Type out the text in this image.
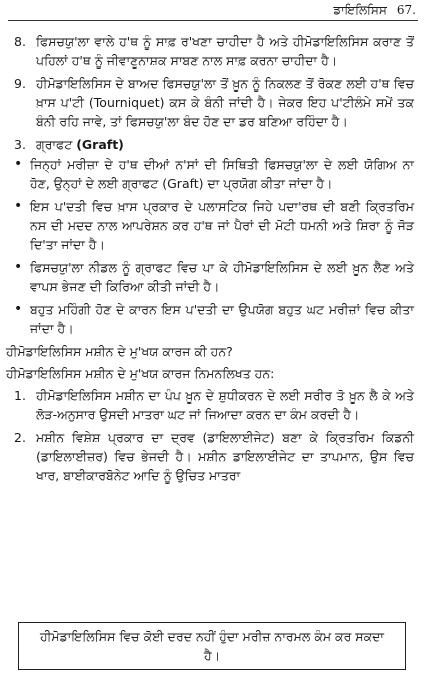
ਡਾਇਲਿਸਿਸ 67.
8. ਫਿਸਚਯੁ'ਲਾ ਵਾਲੇ ਹ'ਥ ਨੂੰ ਸਾਫ਼ ਰ'ਖਣਾ ਚਾਹੀਦਾ ਹੈ ਅਤੇ ਹੀਮੋਡਾਇਲਿਸਿਸ ਕਰਾਣ ਤੋਂ ਪਹਿਲਾਂ ਹ'ਥ ਨੂੰ ਜੀਵਾਣੂਨਾਸ਼ਕ ਸਾਬਣ ਨਾਲ ਸਾਫ਼ ਕਰਨਾ ਚਾਹੀਦਾ ਹੈ।
9. ਹੀਮੋਡਾਇਲਿਸਿਸ ਦੇ ਬਾਅਦ ਫਿਸਚਯੁ'ਲਾ ਤੋਂ ਖ਼ੂਨ ਨੂੰ ਨਿਕਲਣ ਤੋਂ ਰੋਕਣ ਲਈ ਹ'ਥ ਵਿਚ ਖ਼ਾਸ ਪ'ਟੀ (Tourniquet) ਕਸ ਕੇ ਬੰਨੀ ਜਾਂਦੀ ਹੈ। ਜੇਕਰ ਇਹ ਪ'ਟੀਲੰਮੇ ਸਮੇਂ ਤਕ ਬੰਨੀ ਰਹਿ ਜਾਵੇ, ਤਾਂ ਫਿਸਚਯੁ'ਲਾ ਬੰਦ ਹੋਣ ਦਾ ਡਰ ਬਣਿਆ ਰਹਿੰਦਾ ਹੈ।
3. ਗ੍ਰਾਫਟ (Graft)
• ਜਿਨ੍ਹਾਂ ਮਰੀਜ਼ਾ ਦੇ ਹ'ਥ ਦੀਆਂ ਨ'ਸਾਂ ਦੀ ਸਿਥਿਤੀ ਫਿਸਚਯੁ'ਲਾ ਦੇ ਲਈ ਯੋਗਿਅ ਨਾ ਹੋਣ, ਉਨ੍ਹਾਂ ਦੇ ਲਈ ਗ੍ਰਾਫਟ (Graft) ਦਾ ਪ੍ਰਯੋਗ ਕੀਤਾ ਜਾਂਦਾ ਹੈ।
• ਇਸ ਪ'ਦਤੀ ਵਿਚ ਖ਼ਾਸ ਪ੍ਰਕਾਰ ਦੇ ਪਲਾਸਟਿਕ ਜਿਹੇ ਪਦਾ'ਰਥ ਦੀ ਬਣੀ ਕ੍ਰਿਤਰਿਮ ਨਸ ਦੀ ਮਦਦ ਨਾਲ ਆਪਰੇਸ਼ਨ ਕਰ ਹ'ਥ ਜਾਂ ਪੈਰਾਂ ਦੀ ਮੋਟੀ ਧਮਨੀ ਅਤੇ ਸ਼ਿਰਾ ਨੂੰ ਜੋੜ ਦਿ'ਤਾ ਜਾਂਦਾ ਹੈ।
• ਫਿਸਚਯੁ'ਲਾ ਨੀਡਲ ਨੂੰ ਗ੍ਰਾਫਟ ਵਿਚ ਪਾ ਕੇ ਹੀਮੋਡਾਇਲਿਸਿਸ ਦੇ ਲਈ ਖ਼ੂਨ ਲੈਣ ਅਤੇ ਵਾਪਸ ਭੇਜਣ ਦੀ ਕਿਰਿਆ ਕੀਤੀ ਜਾਂਦੀ ਹੈ।
• ਬਹੁਤ ਮਹਿੰਗੀ ਹੋਣ ਦੇ ਕਾਰਨ ਇਸ ਪ'ਦਤੀ ਦਾ ਉਪਯੋਗ ਬਹੁਤ ਘਟ ਮਰੀਜ਼ਾਂ ਵਿਚ ਕੀਤਾ ਜਾਂਦਾ ਹੈ।
ਹੀਮੋਡਾਇਲਿਸਿਸ ਮਸ਼ੀਨ ਦੇ ਮੁ'ਖਯ ਕਾਰਜ ਕੀ ਹਨ?
ਹੀਮੋਡਾਇਲਿਸਿਸ ਮਸ਼ੀਨ ਦੇ ਮੁ'ਖਯ ਕਾਰਜ ਨਿਮਨਲਿਖਤ ਹਨ:
1. ਹੀਮੋਡਾਇਲਿਸਿਸ ਮਸ਼ੀਨ ਦਾ ਪੰਪ ਖ਼ੂਨ ਦੇ ਸ਼ੁਧੀਕਰਨ ਦੇ ਲਈ ਸਰੀਰ ਤੋ ਖ਼ੂਨ ਲੈ ਕੇ ਅਤੇ ਲੋੜ-ਅਨੁਸਾਰ ਉਸਦੀ ਮਾਤਰਾ ਘਟ ਜਾਂ ਜਿਆਦਾ ਕਰਨ ਦਾ ਕੰਮ ਕਰਦੀ ਹੈ।
2. ਮਸ਼ੀਨ ਵਿਸ਼ੇਸ਼ ਪ੍ਰਕਾਰ ਦਾ ਦ੍ਰਵ (ਡਾਇਲਾਈਜੇਟ) ਬਣਾ ਕੇ ਕ੍ਰਿਤਰਿਮ ਕਿਡਨੀ (ਡਾਇਲਾਈਜ਼ਰ) ਵਿਚ ਭੇਜਦੀ ਹੈ। ਮਸ਼ੀਨ ਡਾਇਲਾਈਜੇਟ ਦਾ ਤਾਪਮਾਨ, ਉਸ ਵਿਚ ਖਾਰ, ਬਾਈਕਾਰਬੋਨੇਟ ਆਦਿ ਨੂੰ ਉਚਿਤ ਮਾਤਰਾ
ਹੀਮੋਡਾਇਲਿਸਿਸ ਵਿਚ ਕੋਈ ਦਰਦ ਨਹੀਂ ਹੁੰਦਾ ਮਰੀਜ਼ ਨਾਰਮਲ ਕੰਮ ਕਰ ਸਕਦਾ ਹੈ।
